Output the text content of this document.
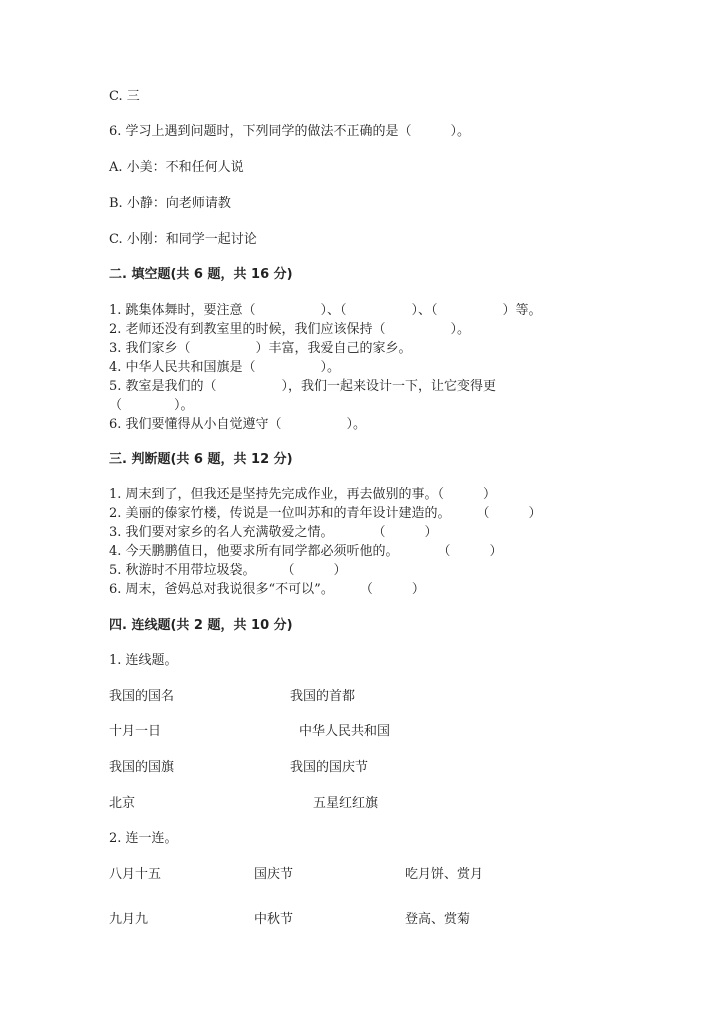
C. 三
6. 学习上遇到问题时，下列同学的做法不正确的是（　　　）。
A. 小美：不和任何人说
B. 小静：向老师请教
C. 小刚：和同学一起讨论
二. 填空题(共 6 题，共 16 分)
1. 跳集体舞时，要注意（　　　　　）、（　　　　　）、（　　　　　）等。
2. 老师还没有到教室里的时候，我们应该保持（　　　　　）。
3. 我们家乡（　　　　　）丰富，我爱自己的家乡。
4. 中华人民共和国旗是（　　　　　）。
5. 教室是我们的（　　　　　），我们一起来设计一下，让它变得更
（　　　　）。
6. 我们要懂得从小自觉遵守（　　　　　）。
三. 判断题(共 6 题，共 12 分)
1. 周末到了，但我还是坚持先完成作业，再去做别的事。（　　　）
2. 美丽的傣家竹楼，传说是一位叫苏和的青年设计建造的。　　　（　　　）
3. 我们要对家乡的名人充满敬爱之情。　　　　（　　　）
4. 今天鹏鹏值日，他要求所有同学都必须听他的。　　　　（　　　）
5. 秋游时不用带垃圾袋。　　　（　　　）
6. 周末，爸妈总对我说很多“不可以”。　　　（　　　）
四. 连线题(共 2 题，共 10 分)
1. 连线题。
我国的国名	我国的首都
十月一日	中华人民共和国
我国的国旗	我国的国庆节
北京	五星红红旗
2. 连一连。
八月十五	国庆节	吃月饼、赏月
九月九	中秋节	登高、赏菊
